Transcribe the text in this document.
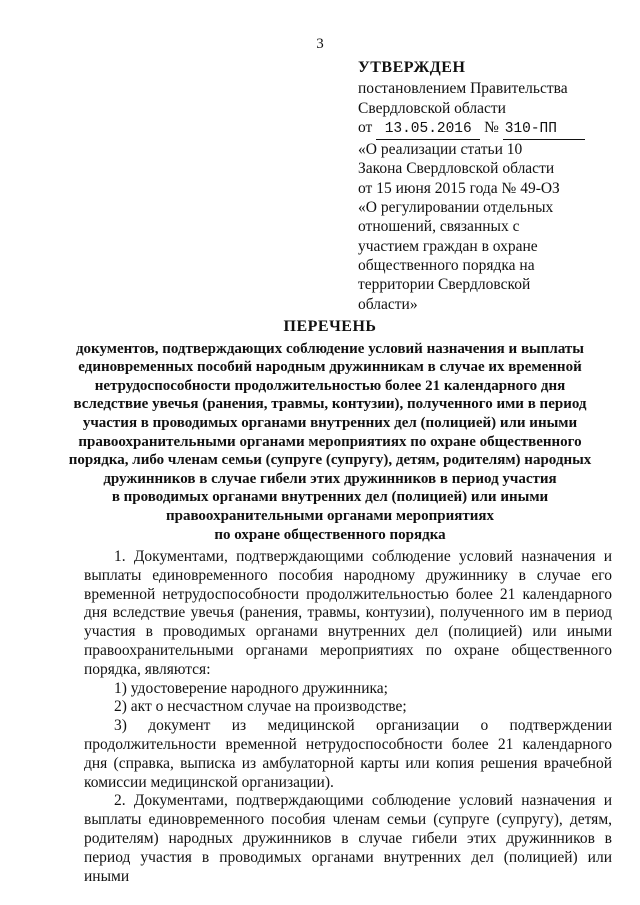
3
УТВЕРЖДЕН
постановлением Правительства
Свердловской области
от 13.05.2016 № 310-ПП
«О реализации статьи 10
Закона Свердловской области
от 15 июня 2015 года № 49-ОЗ
«О регулировании отдельных
отношений, связанных с
участием граждан в охране
общественного порядка на
территории Свердловской
области»
ПЕРЕЧЕНЬ
документов, подтверждающих соблюдение условий назначения и выплаты
единовременных пособий народным дружинникам в случае их временной
нетрудоспособности продолжительностью более 21 календарного дня
вследствие увечья (ранения, травмы, контузии), полученного ими в период
участия в проводимых органами внутренних дел (полицией) или иными
правоохранительными органами мероприятиях по охране общественного
порядка, либо членам семьи (супруге (супругу), детям, родителям) народных
дружинников в случае гибели этих дружинников в период участия
в проводимых органами внутренних дел (полицией) или иными
правоохранительными органами мероприятиях
по охране общественного порядка

1. Документами, подтверждающими соблюдение условий назначения и выплаты единовременного пособия народному дружиннику в случае его временной нетрудоспособности продолжительностью более 21 календарного дня вследствие увечья (ранения, травмы, контузии), полученного им в период участия в проводимых органами внутренних дел (полицией) или иными правоохранительными органами мероприятиях по охране общественного порядка, являются:

1) удостоверение народного дружинника;

2) акт о несчастном случае на производстве;

3) документ из медицинской организации о подтверждении продолжительности временной нетрудоспособности более 21 календарного дня (справка, выписка из амбулаторной карты или копия решения врачебной комиссии медицинской организации).

2. Документами, подтверждающими соблюдение условий назначения и выплаты единовременного пособия членам семьи (супруге (супругу), детям, родителям) народных дружинников в случае гибели этих дружинников в период участия в проводимых органами внутренних дел (полицией) или иными
